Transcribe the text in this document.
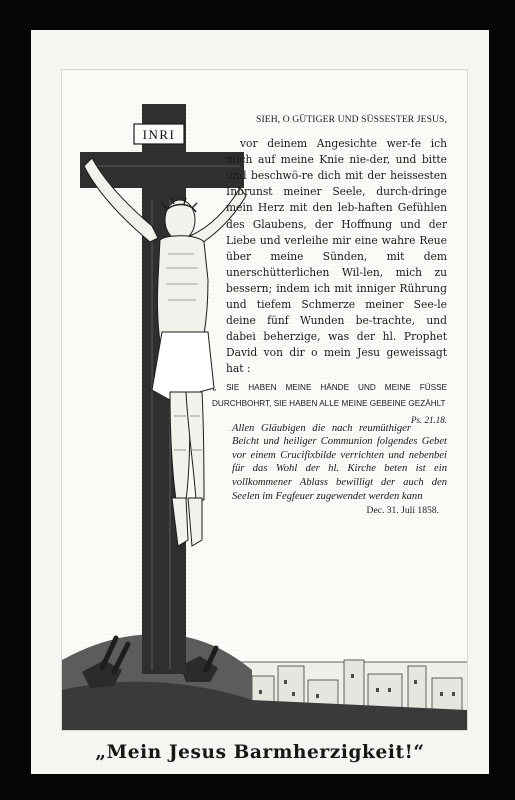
INRI

SIEH, O GÜTIGER UND SÜSSESTER JESUS,

vor deinem Angesichte wer-fe ich mich auf meine Knie nie-der, und bitte und beschwö-re dich mit der heissesten Inbrunst meiner Seele, durch-dringe mein Herz mit den leb-haften Gefühlen des Glaubens, der Hoffnung und der Liebe und verleihe mir eine wahre Reue über meine Sünden, mit dem unerschütterlichen Wil-len, mich zu bessern; indem ich mit inniger Rührung und tiefem Schmerze meiner See-le deine fünf Wunden be-trachte, und dabei beherzige, was der hl. Prophet David von dir o mein Jesu geweissagt hat :

„ SIE HABEN MEINE HÄNDE UND MEINE FÜSSE DURCHBOHRT, SIE HABEN ALLE MEINE GEBEINE GEZÄHLT
Ps. 21.18.

Allen Gläubigen die nach reumüthiger Beicht und heiliger Communion folgendes Gebet vor einem Crucifixbilde verrichten und nebenbei für das Wohl der hl. Kirche beten ist ein vollkommener Ablass bewilligt der auch den Seelen im Fegfeuer zugewendet werden kann

Dec. 31. Juli 1858.

„Mein Jesus Barmherzigkeit!“
